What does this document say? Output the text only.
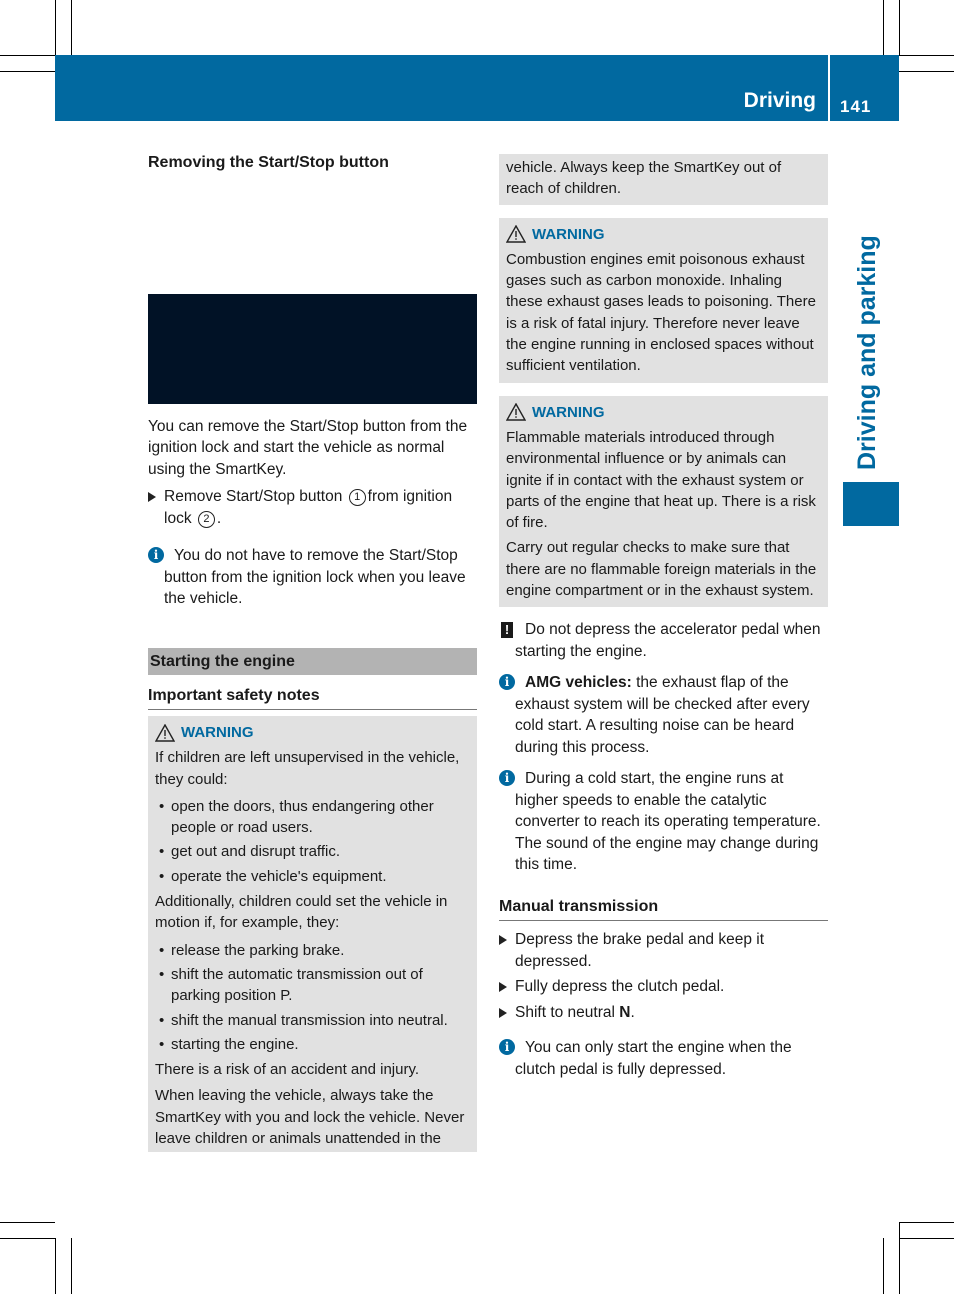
Driving 141
Driving and parking

Removing the Start/Stop button

You can remove the Start/Stop button from the ignition lock and start the vehicle as normal using the SmartKey.

Remove Start/Stop button 1 from ignition lock 2 .
i	You do not have to remove the Start/Stop button from the ignition lock when you leave the vehicle.
Starting the engine
Important safety notes
WARNING

If children are left unsupervised in the vehicle, they could:

• open the doors, thus endangering other people or road users.
• get out and disrupt traffic.
• operate the vehicle's equipment.

Additionally, children could set the vehicle in motion if, for example, they:

• release the parking brake.
• shift the automatic transmission out of parking position P.
• shift the manual transmission into neutral.
• starting the engine.

There is a risk of an accident and injury.

When leaving the vehicle, always take the SmartKey with you and lock the vehicle. Never leave children or animals unattended in the

vehicle. Always keep the SmartKey out of reach of children.

WARNING

Combustion engines emit poisonous exhaust gases such as carbon monoxide. Inhaling these exhaust gases leads to poisoning. There is a risk of fatal injury. Therefore never leave the engine running in enclosed spaces without sufficient ventilation.

WARNING

Flammable materials introduced through environmental influence or by animals can ignite if in contact with the exhaust system or parts of the engine that heat up. There is a risk of fire.

Carry out regular checks to make sure that there are no flammable foreign materials in the engine compartment or in the exhaust system.

! Do not depress the accelerator pedal when starting the engine.
i	AMG vehicles: the exhaust flap of the exhaust system will be checked after every cold start. A resulting noise can be heard during this process.
i	During a cold start, the engine runs at higher speeds to enable the catalytic converter to reach its operating temperature. The sound of the engine may change during this time.
Manual transmission
Depress the brake pedal and keep it depressed.
Fully depress the clutch pedal.
Shift to neutral N.
i	You can only start the engine when the clutch pedal is fully depressed.
